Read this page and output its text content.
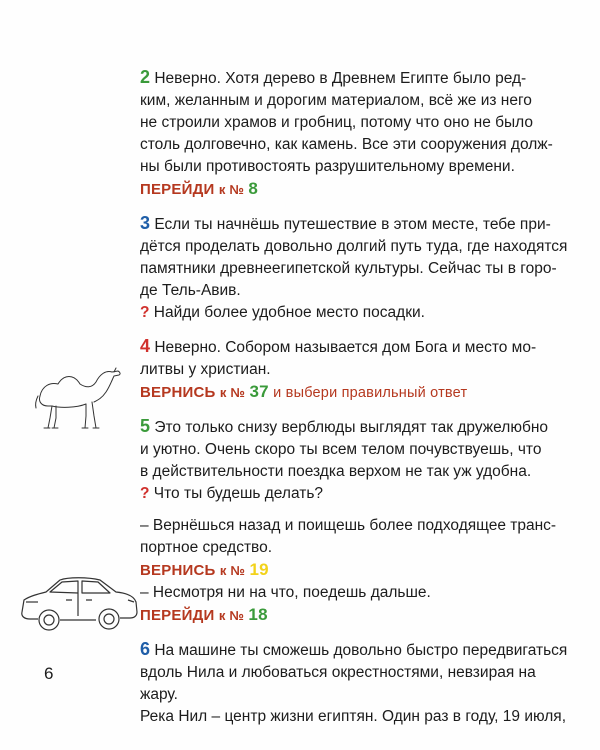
2 Неверно. Хотя дерево в Древнем Египте было ред-

ким, желанным и дорогим материалом, всё же из него

не строили храмов и гробниц, потому что оно не было

столь долговечно, как камень. Все эти сооружения долж-

ны были противостоять разрушительному времени.

ПЕРЕЙДИ к № 8

3 Если ты начнёшь путешествие в этом месте, тебе при-

дётся проделать довольно долгий путь туда, где находятся

памятники древнеегипетской культуры. Сейчас ты в горо-

де Тель-Авив.

? Найди более удобное место посадки.

4 Неверно. Собором называется дом Бога и место мо-

литвы у христиан.

ВЕРНИСЬ к № 37 и выбери правильный ответ

5 Это только снизу верблюды выглядят так дружелюбно

и уютно. Очень скоро ты всем телом почувствуешь, что

в действительности поездка верхом не так уж удобна.

? Что ты будешь делать?

– Вернёшься назад и поищешь более подходящее транс-

портное средство.

ВЕРНИСЬ к № 19

– Несмотря ни на что, поедешь дальше.

ПЕРЕЙДИ к № 18

6 На машине ты сможешь довольно быстро передвигаться

вдоль Нила и любоваться окрестностями, невзирая на жару.

Река Нил – центр жизни египтян. Один раз в году, 19 июля,

6
